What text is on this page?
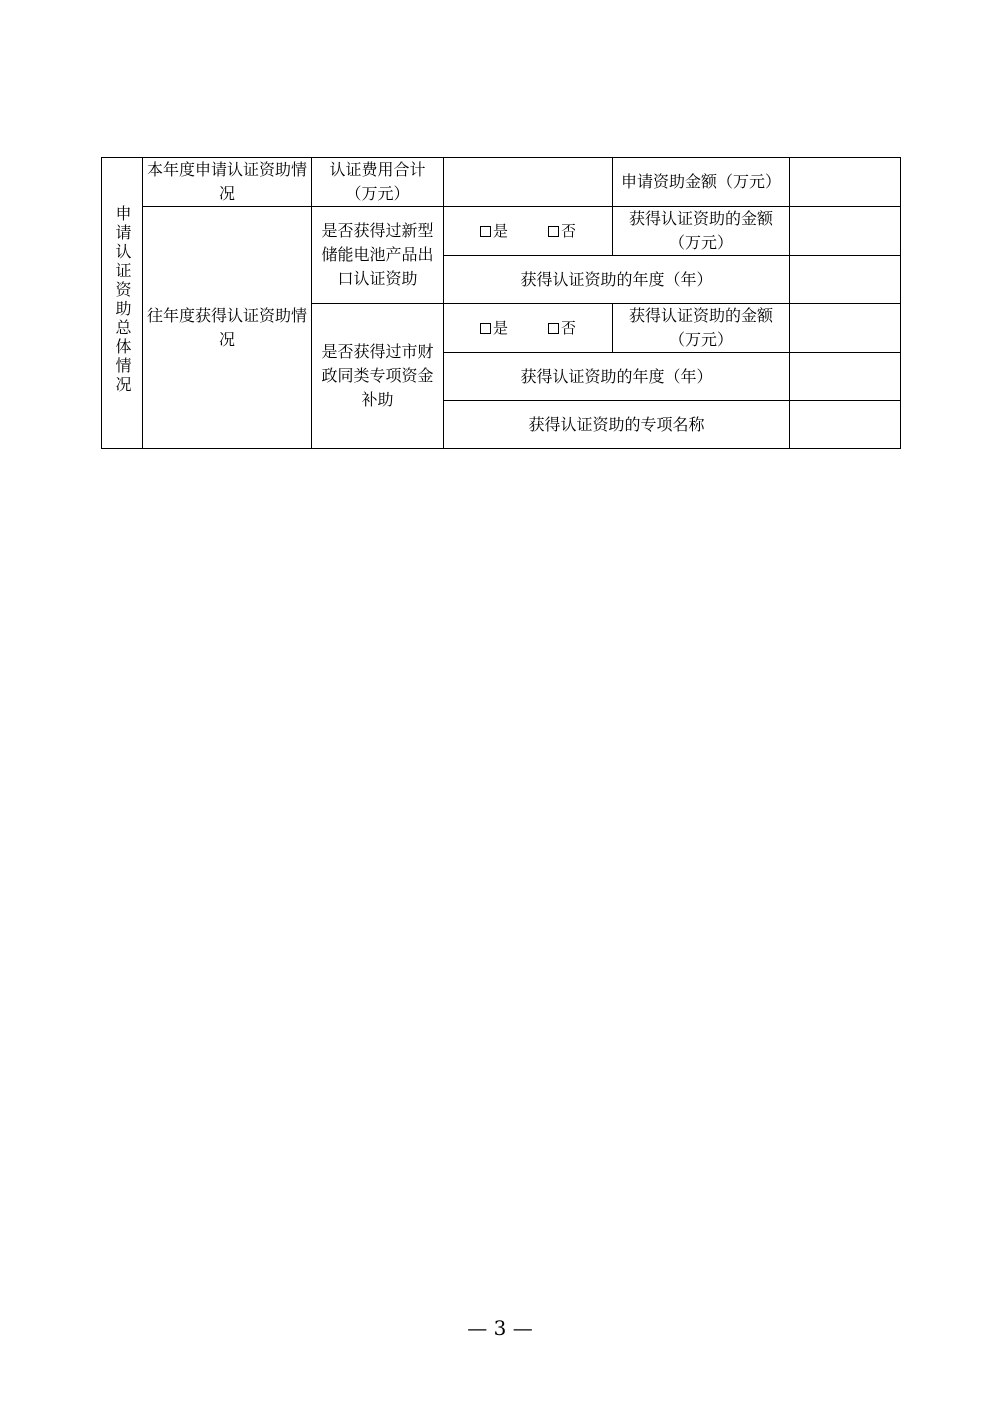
申请认证资助总体情况	本年度申请认证资助情况	认证费用合计（万元）		申请资助金额（万元）	
	往年度获得认证资助情况	是否获得过新型储能电池产品出口认证资助	是 否	获得认证资助的金额（万元）	
			获得认证资助的年度（年）		
		是否获得过市财政同类专项资金补助	是 否	获得认证资助的金额（万元）	
			获得认证资助的年度（年）		
			获得认证资助的专项名称		
— 3 —
